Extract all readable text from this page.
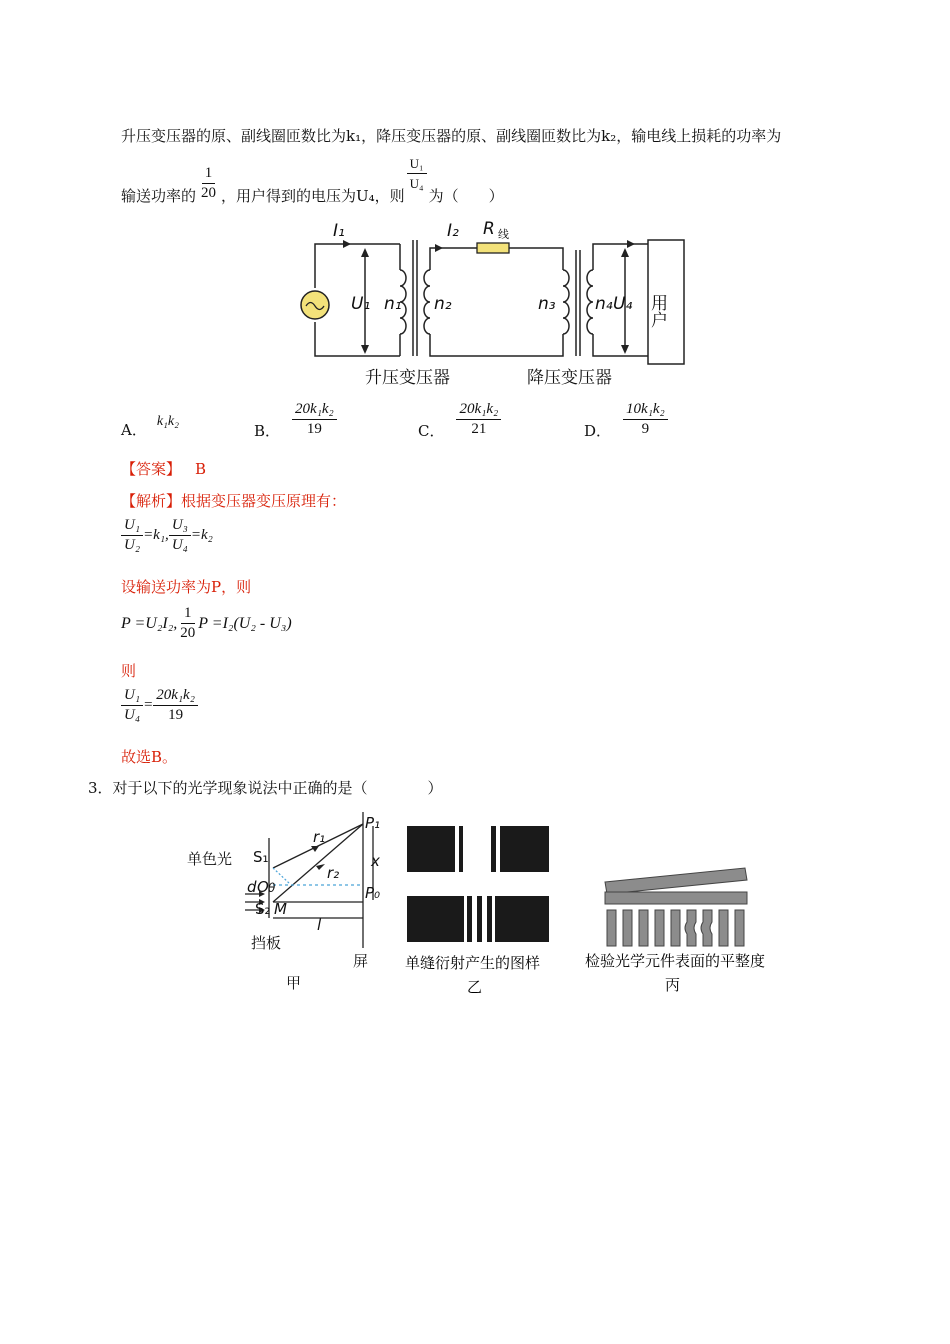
升压变压器的原、副线圈匝数比为k₁，降压变压器的原、副线圈匝数比为k₂，输电线上损耗的功率为
输送功率的 $\frac{1}{20}$ ，用户得到的电压为U₄，则
$\frac{\text{U₁}}{\text{U₄}}$
为（　　）
I₁	I₂ R 线
U₁ n₁ n₂	n₃ n₄ U₄ 用户
升压变压器	降压变压器
A． k₁k₂
B． $\frac{\text{20k₁k₂}}{19}$	C． $\frac{\text{20k₁k₂}}{21}$	D． $\frac{\text{10k₁k₂}}{9}$
【答案】 B
【解析】根据变压器变压原理有：
$\frac{\text{U₁}}{\text{U₂}} =k_1$, $\frac{\text{U₃}}{\text{U₄}} =k_2$
设输送功率为P，则
P =U₂I₂, $\frac{1}{20}$ P =I₂(U₂ - U₃)
则
$\frac{\text{U₁}}{\text{U₄}} = \frac{\text{20k₁k₂}}{19}$
故选B。
3．对于以下的光学现象说法中正确的是（　　　　）
单色光 S₁
d O θ
S₂ M
r₁
r₂
P₁
P₀
x
l
挡板
屏
甲
单缝衍射产生的图样
乙
检验光学元件表面的平整度
丙
